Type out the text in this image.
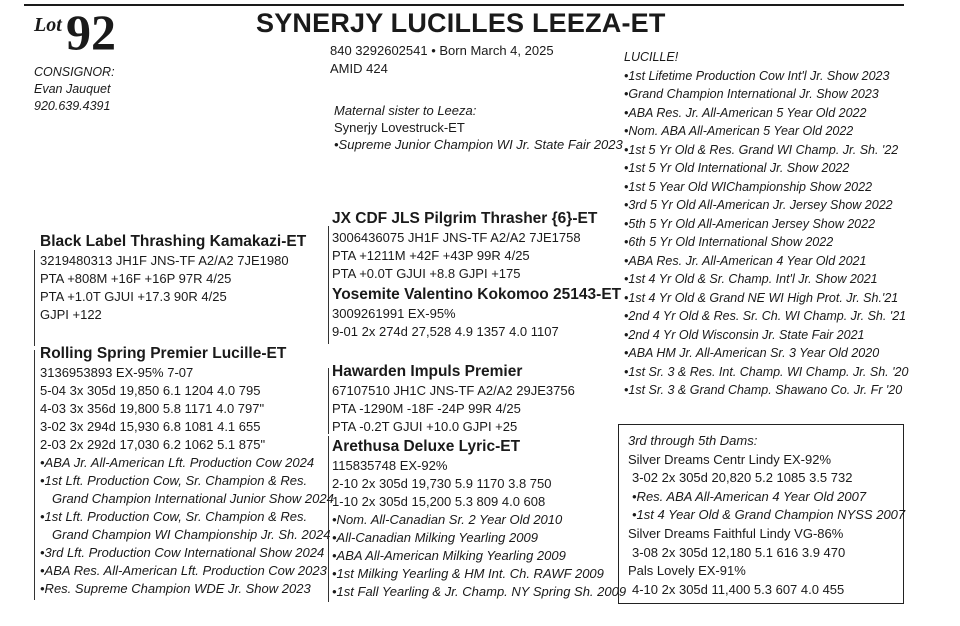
Lot 92	SYNERJY LUCILLES LEEZA-ET
CONSIGNOR:
Evan Jauquet
920.639.4391
840 3292602541 • Born March 4, 2025
AMID 424
Maternal sister to Leeza:
Synerjy Lovestruck-ET
•Supreme Junior Champion WI Jr. State Fair 2023
LUCILLE!
•1st Lifetime Production Cow Int'l Jr. Show 2023
•Grand Champion International Jr. Show 2023
•ABA Res. Jr. All-American 5 Year Old 2022
•Nom. ABA All-American 5 Year Old 2022
•1st 5 Yr Old & Res. Grand WI Champ. Jr. Sh. '22
•1st 5 Yr Old International Jr. Show 2022
•1st 5 Year Old WIChampionship Show 2022
•3rd 5 Yr Old All-American Jr. Jersey Show 2022
•5th 5 Yr Old All-American Jersey Show 2022
•6th 5 Yr Old International Show 2022
•ABA Res. Jr. All-American 4 Year Old 2021
•1st 4 Yr Old & Sr. Champ. Int'l Jr. Show 2021
•1st 4 Yr Old & Grand NE WI High Prot. Jr. Sh.'21
•2nd 4 Yr Old & Res. Sr. Ch. WI Champ. Jr. Sh. '21
•2nd 4 Yr Old Wisconsin Jr. State Fair 2021
•ABA HM Jr. All-American Sr. 3 Year Old 2020
•1st Sr. 3 & Res. Int. Champ. WI Champ. Jr. Sh. '20
•1st Sr. 3 & Grand Champ. Shawano Co. Jr. Fr '20
Black Label Thrashing Kamakazi-ET
3219480313 JH1F JNS-TF A2/A2 7JE1980
PTA +808M +16F +16P 97R 4/25
PTA +1.0T GJUI +17.3 90R 4/25
GJPI +122
Rolling Spring Premier Lucille-ET
3136953893 EX-95% 7-07
5-04 3x 305d 19,850 6.1 1204 4.0 795
4-03 3x 356d 19,800 5.8 1171 4.0 797"
3-02 3x 294d 15,930 6.8 1081 4.1 655
2-03 2x 292d 17,030 6.2 1062 5.1 875"
•ABA Jr. All-American Lft. Production Cow 2024
•1st Lft. Production Cow, Sr. Champion & Res.
Grand Champion International Junior Show 2024
•1st Lft. Production Cow, Sr. Champion & Res.
Grand Champion WI Championship Jr. Sh. 2024
•3rd Lft. Production Cow International Show 2024
•ABA Res. All-American Lft. Production Cow 2023
•Res. Supreme Champion WDE Jr. Show 2023
JX CDF JLS Pilgrim Thrasher {6}-ET
3006436075 JH1F JNS-TF A2/A2 7JE1758
PTA +1211M +42F +43P 99R 4/25
PTA +0.0T GJUI +8.8 GJPI +175
Yosemite Valentino Kokomoo 25143-ET
3009261991 EX-95%
9-01 2x 274d 27,528 4.9 1357 4.0 1107
Hawarden Impuls Premier
67107510 JH1C JNS-TF A2/A2 29JE3756
PTA -1290M -18F -24P 99R 4/25
PTA -0.2T GJUI +10.0 GJPI +25
Arethusa Deluxe Lyric-ET
115835748 EX-92%
2-10 2x 305d 19,730 5.9 1170 3.8 750
1-10 2x 305d 15,200 5.3 809 4.0 608
•Nom. All-Canadian Sr. 2 Year Old 2010
•All-Canadian Milking Yearling 2009
•ABA All-American Milking Yearling 2009
•1st Milking Yearling & HM Int. Ch. RAWF 2009
•1st Fall Yearling & Jr. Champ. NY Spring Sh. 2009
3rd through 5th Dams:
Silver Dreams Centr Lindy EX-92%
3-02 2x 305d 20,820 5.2 1085 3.5 732
•Res. ABA All-American 4 Year Old 2007
•1st 4 Year Old & Grand Champion NYSS 2007
Silver Dreams Faithful Lindy VG-86%
3-08 2x 305d 12,180 5.1 616 3.9 470
Pals Lovely EX-91%
4-10 2x 305d 11,400 5.3 607 4.0 455
